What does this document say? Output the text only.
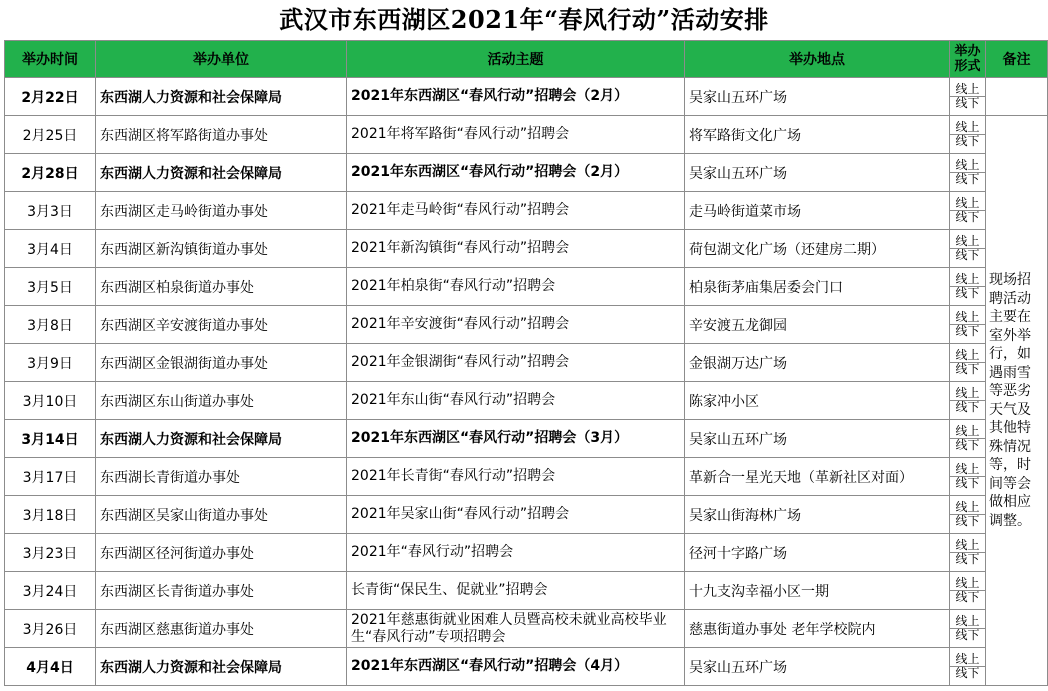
武汉市东西湖区2021年“春风行动”活动安排
举办时间	举办单位	活动主题	举办地点	举办形式	备注
2月22日	东西湖人力资源和社会保障局	2021年东西湖区“春风行动”招聘会（2月）	吴家山五环广场	线上
线下	

2月25日	东西湖区将军路街道办事处	2021年将军路街“春风行动”招聘会	将军路街文化广场	线上
线下	现场招聘活动主要在室外举行，如遇雨雪等恶劣天气及其他特殊情况等，时间等会做相应调整。
2月28日	东西湖人力资源和社会保障局	2021年东西湖区“春风行动”招聘会（2月）	吴家山五环广场	线上
线下	

3月3日	东西湖区走马岭街道办事处	2021年走马岭街“春风行动”招聘会	走马岭街道菜市场	线上
线下	

3月4日	东西湖区新沟镇街道办事处	2021年新沟镇街“春风行动”招聘会	荷包湖文化广场（还建房二期）	线上
线下	

3月5日	东西湖区柏泉街道办事处	2021年柏泉街“春风行动”招聘会	柏泉街茅庙集居委会门口	线上
线下	

3月8日	东西湖区辛安渡街道办事处	2021年辛安渡街“春风行动”招聘会	辛安渡五龙御园	线上
线下	

3月9日	东西湖区金银湖街道办事处	2021年金银湖街“春风行动”招聘会	金银湖万达广场	线上
线下	

3月10日	东西湖区东山街道办事处	2021年东山街“春风行动”招聘会	陈家冲小区	线上
线下	

3月14日	东西湖人力资源和社会保障局	2021年东西湖区“春风行动”招聘会（3月）	吴家山五环广场	线上
线下	

3月17日	东西湖长青街道办事处	2021年长青街“春风行动”招聘会	革新合一星光天地（革新社区对面）	线上
线下	

3月18日	东西湖区吴家山街道办事处	2021年吴家山街“春风行动”招聘会	吴家山街海林广场	线上
线下	

3月23日	东西湖区径河街道办事处	2021年“春风行动”招聘会	径河十字路广场	线上
线下	

3月24日	东西湖区长青街道办事处	长青街“保民生、促就业”招聘会	十九支沟幸福小区一期	线上
线下	

3月26日	东西湖区慈惠街道办事处	2021年慈惠街就业困难人员暨高校未就业高校毕业生“春风行动”专项招聘会	慈惠街道办事处 老年学校院内	线上
线下	

4月4日	东西湖人力资源和社会保障局	2021年东西湖区“春风行动”招聘会（4月）	吴家山五环广场	线上
线下	
